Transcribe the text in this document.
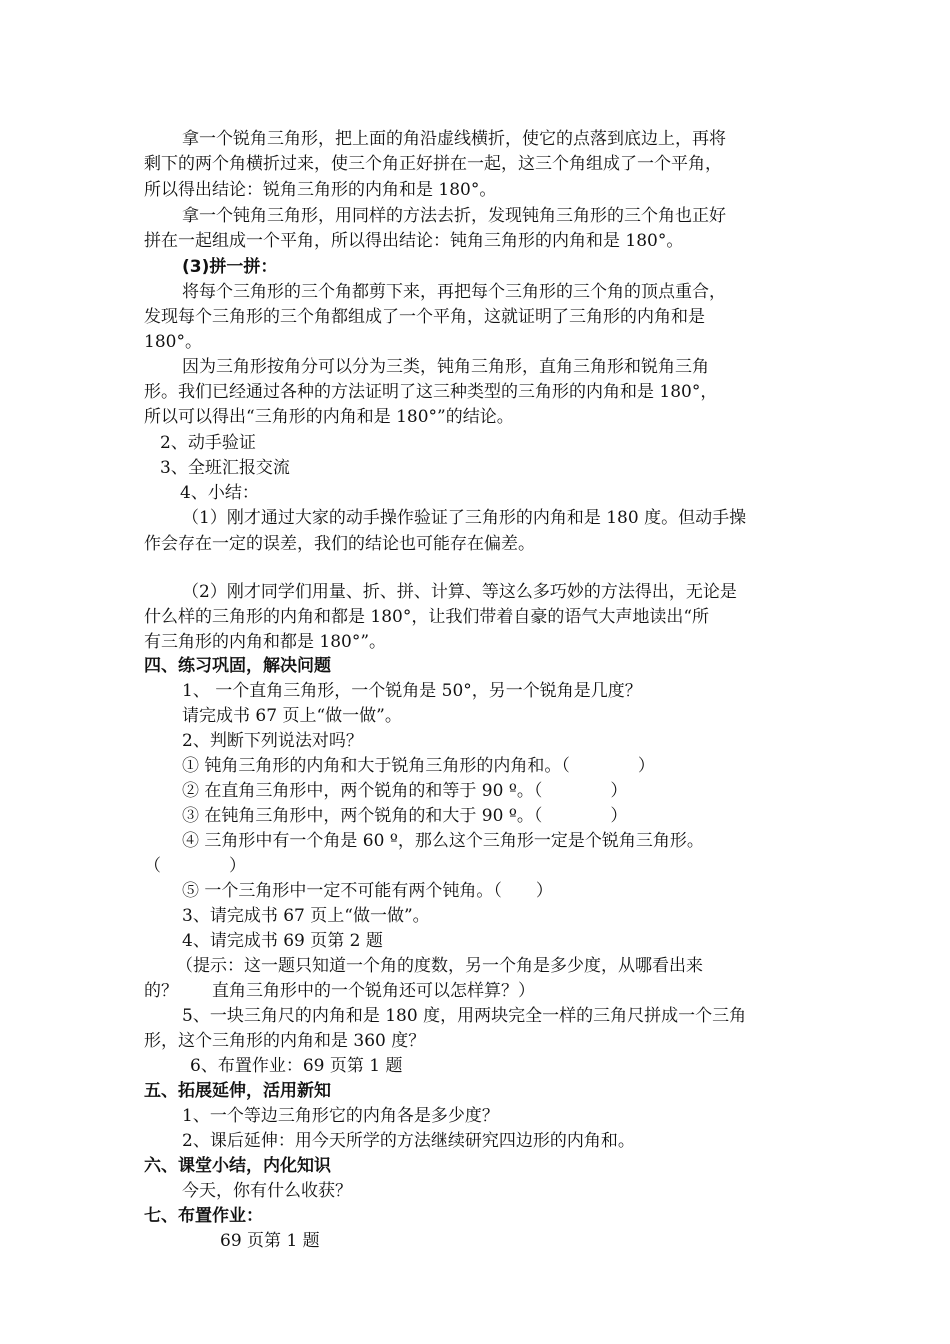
拿一个锐角三角形，把上面的角沿虚线横折，使它的点落到底边上，再将
剩下的两个角横折过来，使三个角正好拼在一起，这三个角组成了一个平角，
所以得出结论：锐角三角形的内角和是 180°。
拿一个钝角三角形，用同样的方法去折，发现钝角三角形的三个角也正好
拼在一起组成一个平角，所以得出结论：钝角三角形的内角和是 180°。
(3)拼一拼：
将每个三角形的三个角都剪下来，再把每个三角形的三个角的顶点重合，
发现每个三角形的三个角都组成了一个平角，这就证明了三角形的内角和是
180°。
因为三角形按角分可以分为三类，钝角三角形，直角三角形和锐角三角
形。我们已经通过各种的方法证明了这三种类型的三角形的内角和是 180°，
所以可以得出“三角形的内角和是 180°”的结论。
2、动手验证
3、全班汇报交流
4、小结：
（1）刚才通过大家的动手操作验证了三角形的内角和是 180 度。但动手操
作会存在一定的误差，我们的结论也可能存在偏差。
（2）刚才同学们用量、折、拼、计算、等这么多巧妙的方法得出，无论是
什么样的三角形的内角和都是 180°，让我们带着自豪的语气大声地读出“所
有三角形的内角和都是 180°”。
四、练习巩固，解决问题
1、 一个直角三角形，一个锐角是 50°，另一个锐角是几度？
请完成书 67 页上“做一做”。
2、判断下列说法对吗？
① 钝角三角形的内角和大于锐角三角形的内角和。（　　　　）
② 在直角三角形中，两个锐角的和等于 90 º。（　　　　）
③ 在钝角三角形中，两个锐角的和大于 90 º。（　　　　）
④ 三角形中有一个角是 60 º，那么这个三角形一定是个锐角三角形。
（　　　　）
⑤ 一个三角形中一定不可能有两个钝角。（　　）
3、请完成书 67 页上“做一做”。
4、请完成书 69 页第 2 题
（提示：这一题只知道一个角的度数，另一个角是多少度，从哪看出来
的？　　直角三角形中的一个锐角还可以怎样算？）
5、一块三角尺的内角和是 180 度，用两块完全一样的三角尺拼成一个三角
形，这个三角形的内角和是 360 度？
6、布置作业：69 页第 1 题
五、拓展延伸，活用新知
1、一个等边三角形它的内角各是多少度？
2、课后延伸：用今天所学的方法继续研究四边形的内角和。
六、课堂小结，内化知识
今天，你有什么收获？
七、布置作业：
69 页第 1 题
